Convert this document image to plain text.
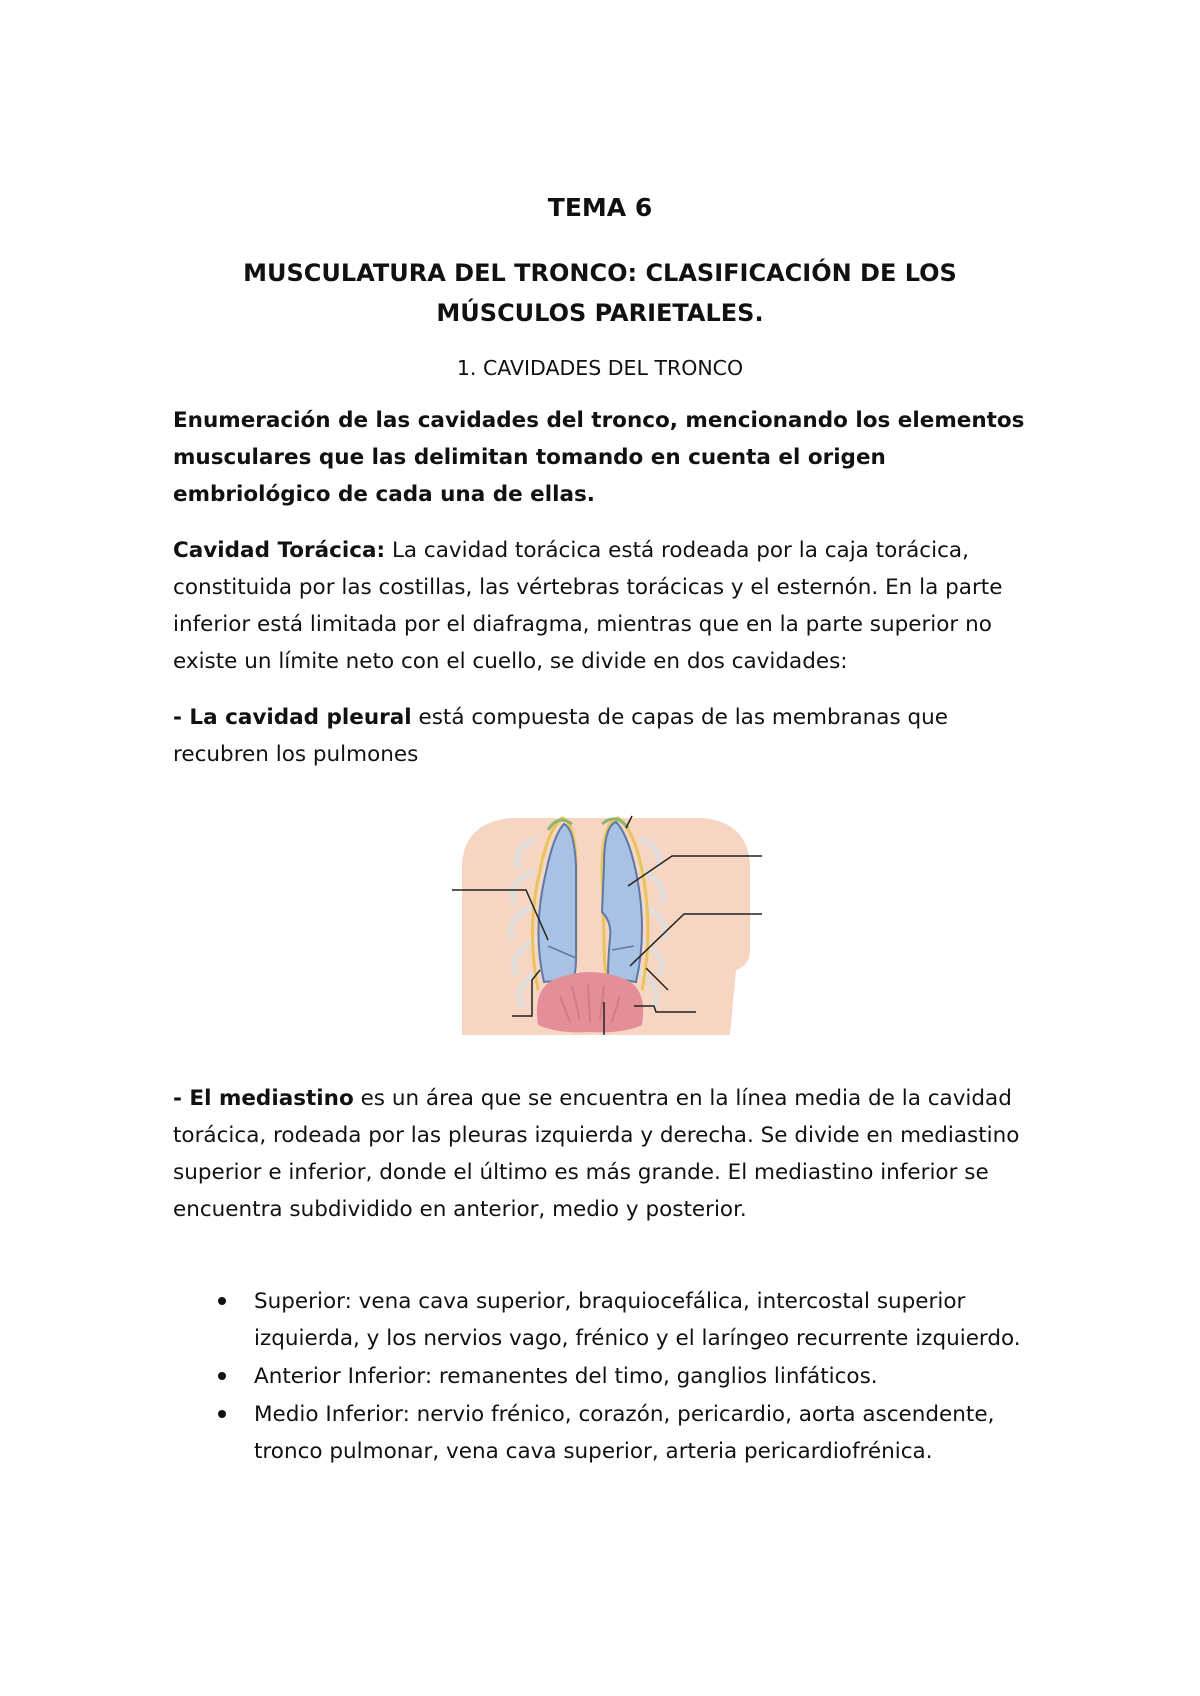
TEMA 6
MUSCULATURA DEL TRONCO: CLASIFICACIÓN DE LOS
MÚSCULOS PARIETALES.
1. CAVIDADES DEL TRONCO

Enumeración de las cavidades del tronco, mencionando los elementos musculares que las delimitan tomando en cuenta el origen embriológico de cada una de ellas.

Cavidad Torácica: La cavidad torácica está rodeada por la caja torácica, constituida por las costillas, las vértebras torácicas y el esternón. En la parte inferior está limitada por el diafragma, mientras que en la parte superior no existe un límite neto con el cuello, se divide en dos cavidades:

- La cavidad pleural está compuesta de capas de las membranas que recubren los pulmones

- El mediastino es un área que se encuentra en la línea media de la cavidad torácica, rodeada por las pleuras izquierda y derecha. Se divide en mediastino superior e inferior, donde el último es más grande. El mediastino inferior se encuentra subdividido en anterior, medio y posterior.

Superior: vena cava superior, braquiocefálica, intercostal superior izquierda, y los nervios vago, frénico y el laríngeo recurrente izquierdo.
Anterior Inferior: remanentes del timo, ganglios linfáticos.
Medio Inferior: nervio frénico, corazón, pericardio, aorta ascendente, tronco pulmonar, vena cava superior, arteria pericardiofrénica.
